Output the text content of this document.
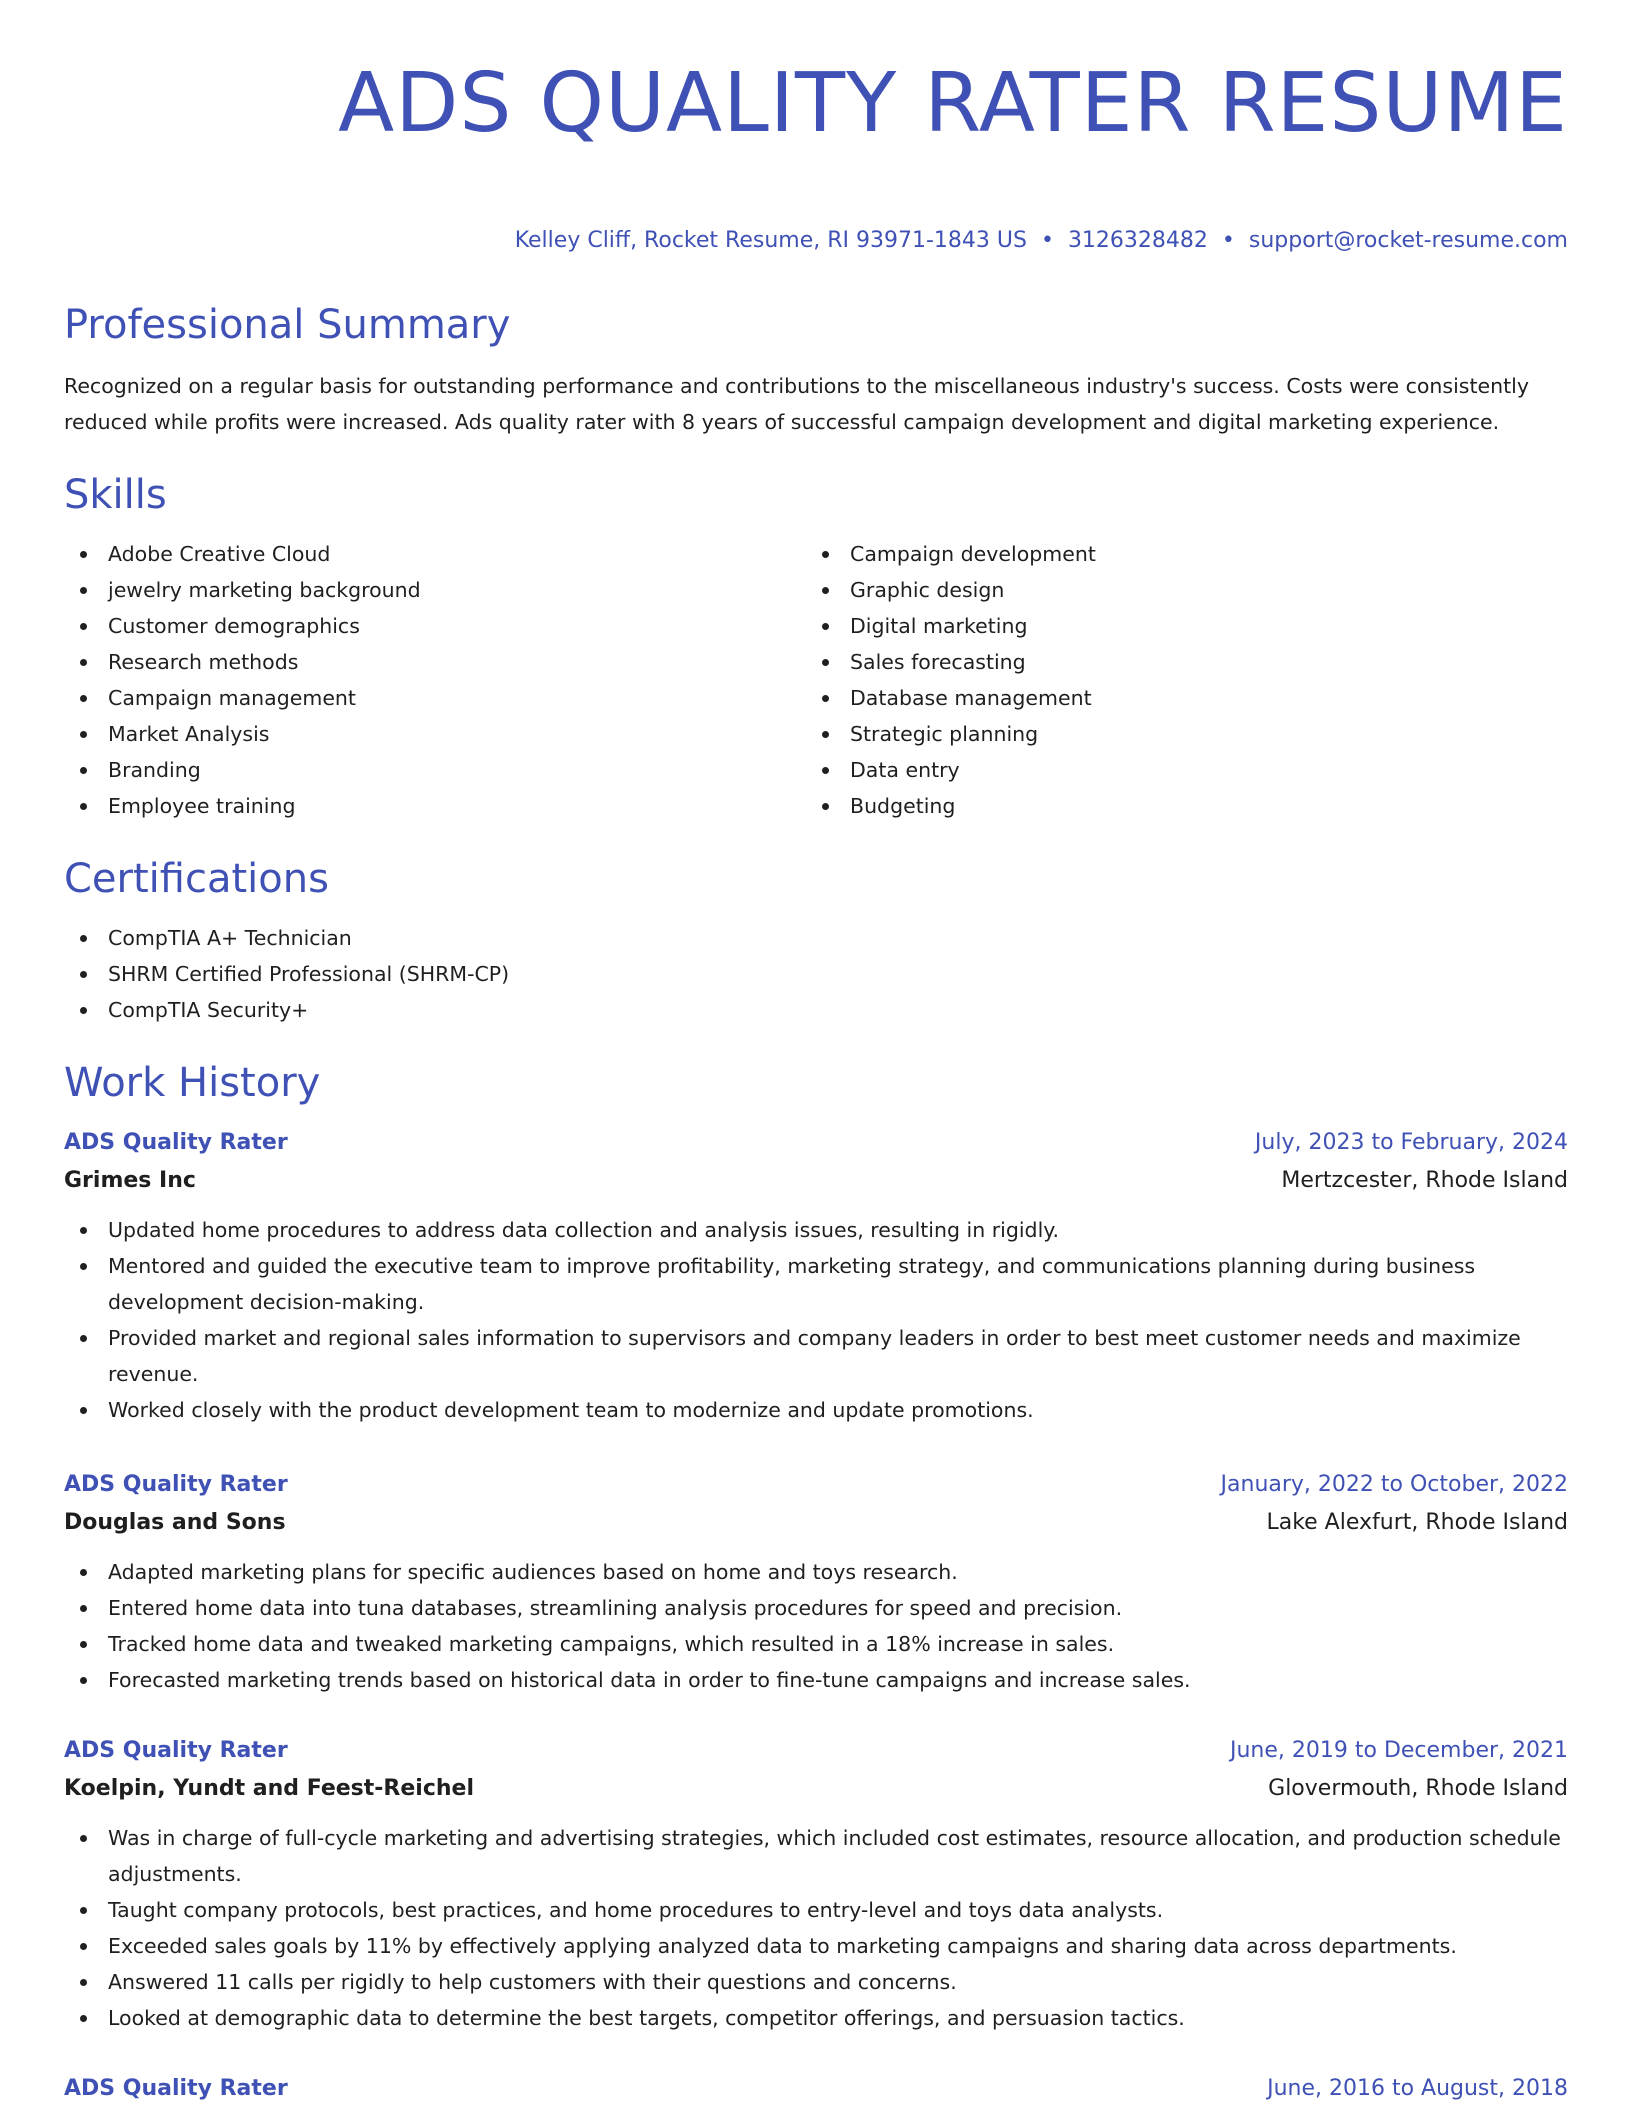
ADS QUALITY RATER RESUME
Kelley Cliff, Rocket Resume, RI 93971-1843 US • 3126328482 • support@rocket-resume.com
Professional Summary

Recognized on a regular basis for outstanding performance and contributions to the miscellaneous industry's success. Costs were consistently reduced while profits were increased. Ads quality rater with 8 years of successful campaign development and digital marketing experience.

Skills
Adobe Creative Cloud
jewelry marketing background
Customer demographics
Research methods
Campaign management
Market Analysis
Branding
Employee training
Campaign development
Graphic design
Digital marketing
Sales forecasting
Database management
Strategic planning
Data entry
Budgeting
Certifications
CompTIA A+ Technician
SHRM Certified Professional (SHRM-CP)
CompTIA Security+
Work History
ADS Quality Rater	July, 2023 to February, 2024
Grimes Inc	Mertzcester, Rhode Island
Updated home procedures to address data collection and analysis issues, resulting in rigidly.
Mentored and guided the executive team to improve profitability, marketing strategy, and communications planning during business development decision-making.
Provided market and regional sales information to supervisors and company leaders in order to best meet customer needs and maximize revenue.
Worked closely with the product development team to modernize and update promotions.
ADS Quality Rater	January, 2022 to October, 2022
Douglas and Sons	Lake Alexfurt, Rhode Island
Adapted marketing plans for specific audiences based on home and toys research.
Entered home data into tuna databases, streamlining analysis procedures for speed and precision.
Tracked home data and tweaked marketing campaigns, which resulted in a 18% increase in sales.
Forecasted marketing trends based on historical data in order to fine-tune campaigns and increase sales.
ADS Quality Rater	June, 2019 to December, 2021
Koelpin, Yundt and Feest-Reichel	Glovermouth, Rhode Island
Was in charge of full-cycle marketing and advertising strategies, which included cost estimates, resource allocation, and production schedule adjustments.
Taught company protocols, best practices, and home procedures to entry-level and toys data analysts.
Exceeded sales goals by 11% by effectively applying analyzed data to marketing campaigns and sharing data across departments.
Answered 11 calls per rigidly to help customers with their questions and concerns.
Looked at demographic data to determine the best targets, competitor offerings, and persuasion tactics.
ADS Quality Rater	June, 2016 to August, 2018
